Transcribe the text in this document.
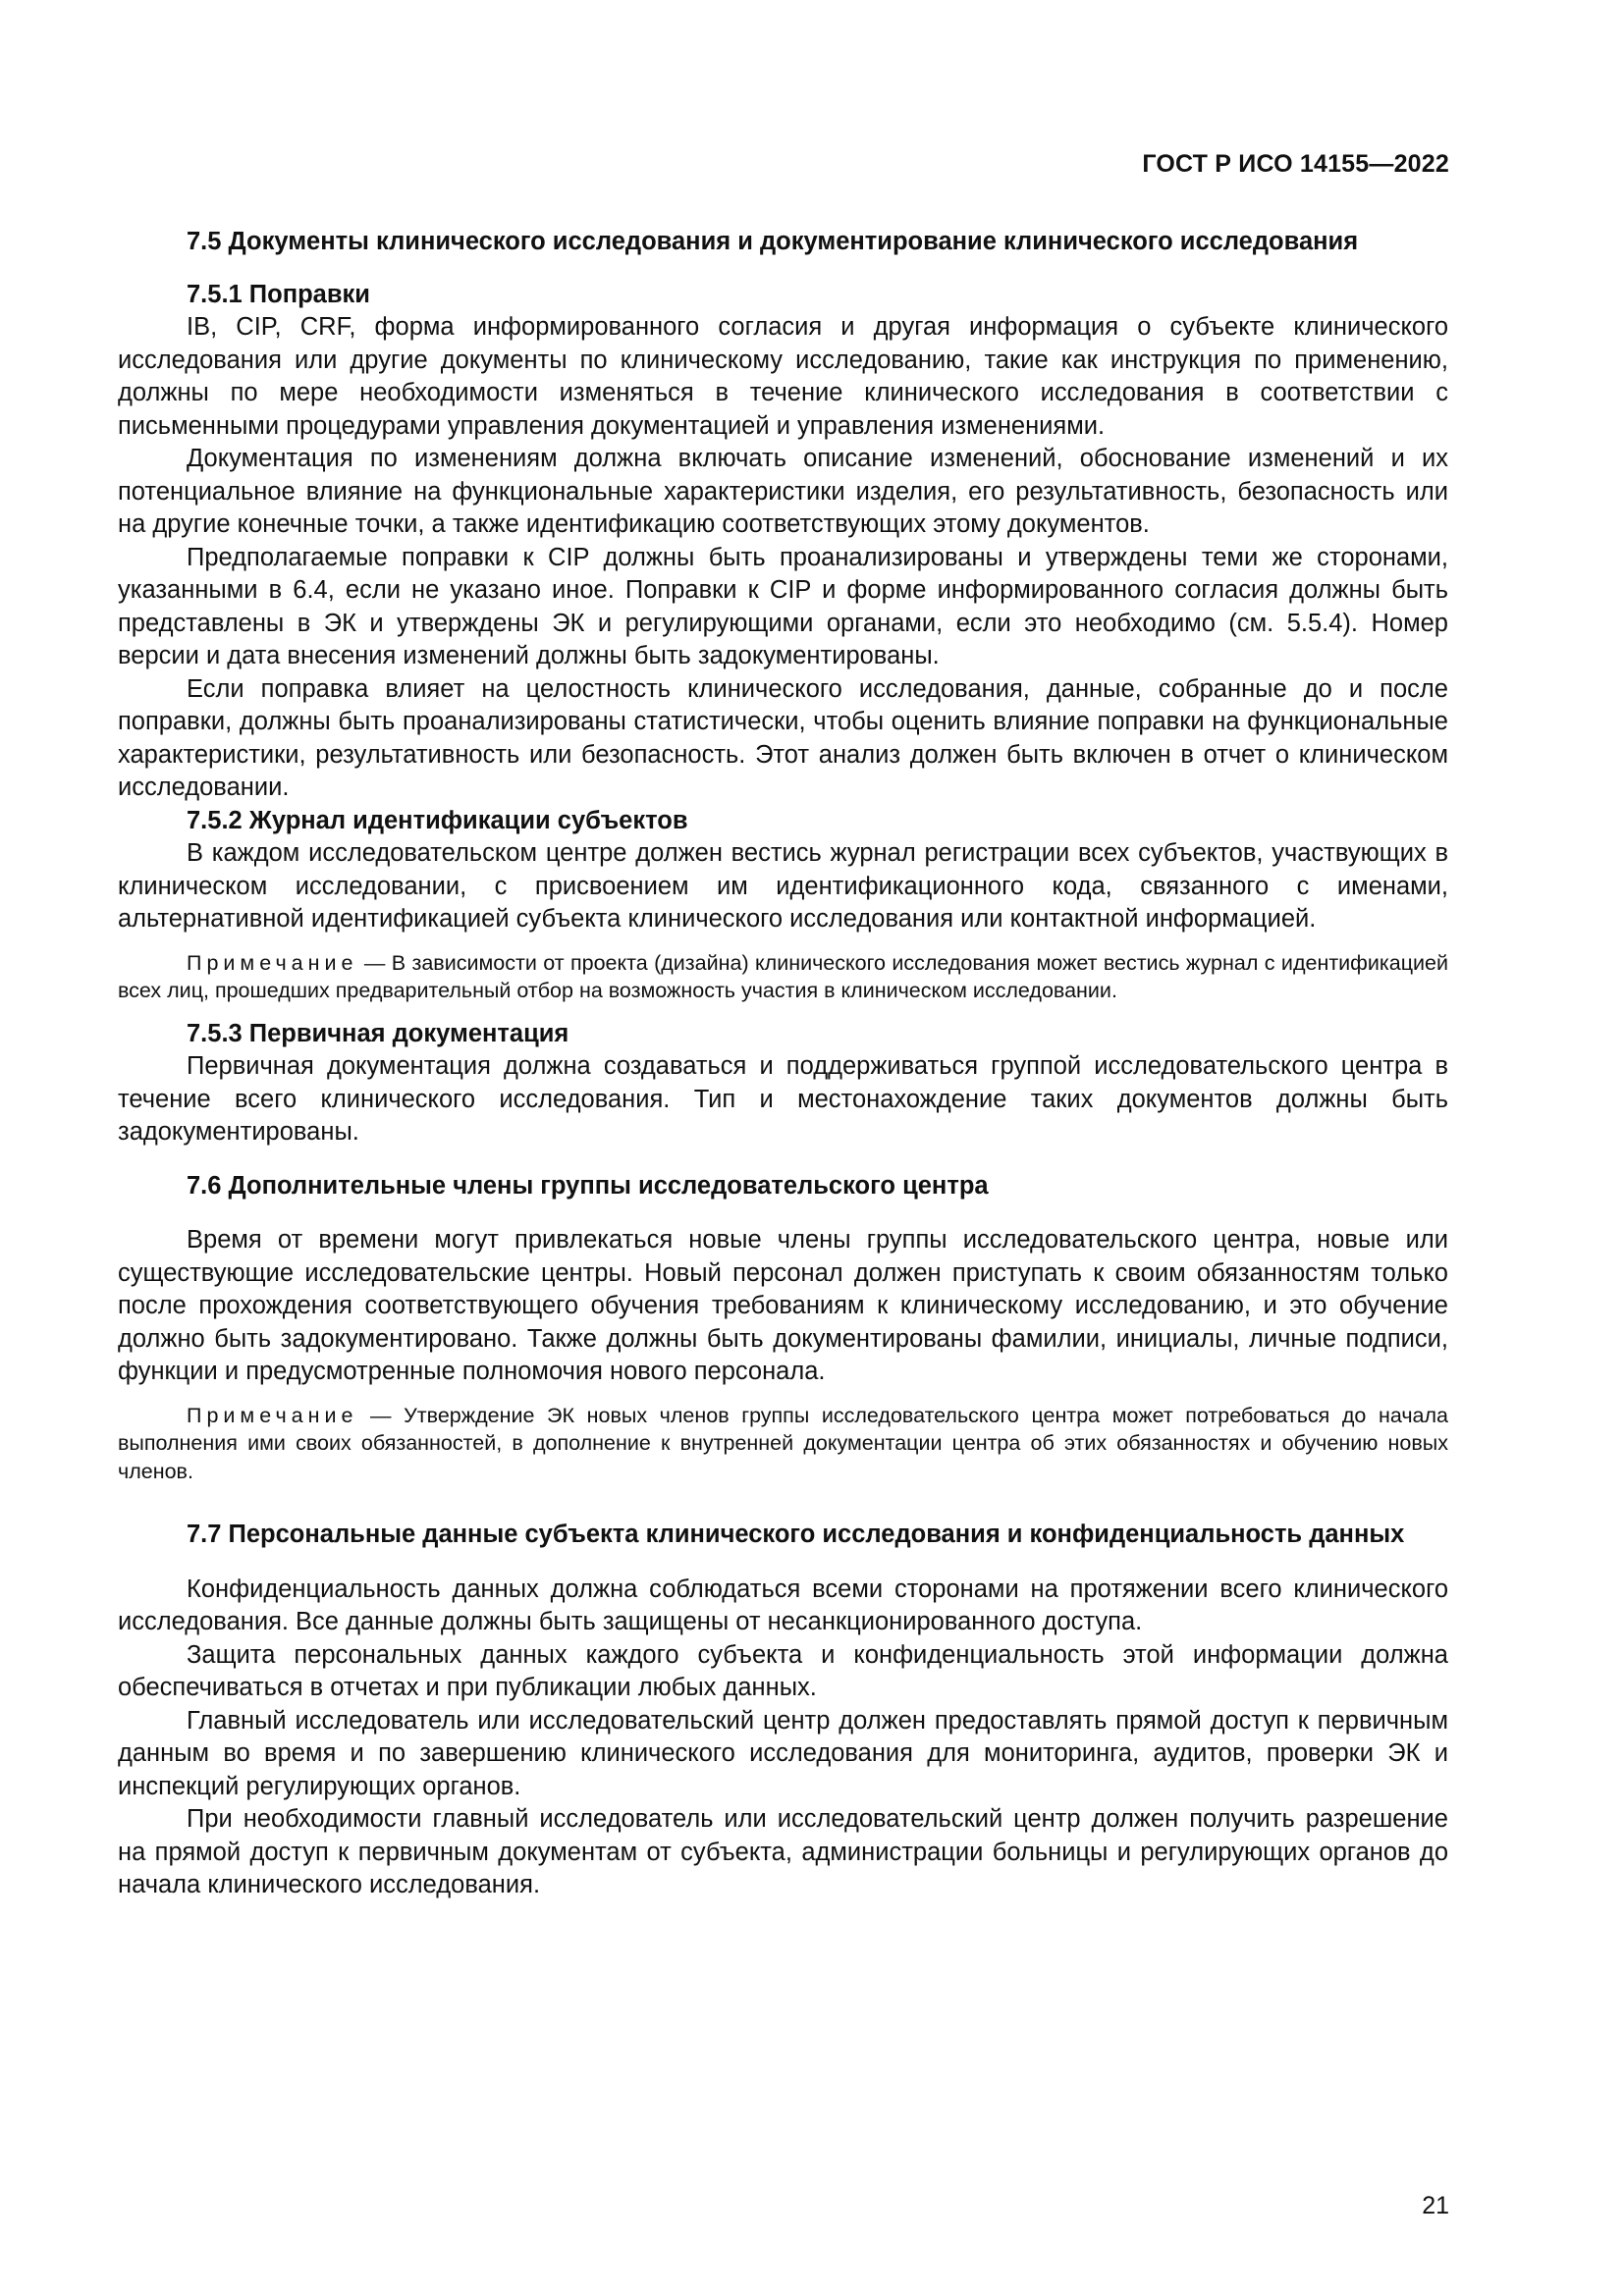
ГОСТ Р ИСО 14155—2022
7.5 Документы клинического исследования и документирование клинического исследования
7.5.1 Поправки

IB, CIP, CRF, форма информированного согласия и другая информация о субъекте клинического исследования или другие документы по клиническому исследованию, такие как инструкция по применению, должны по мере необходимости изменяться в течение клинического исследования в соответствии с письменными процедурами управления документацией и управления изменениями.

Документация по изменениям должна включать описание изменений, обоснование изменений и их потенциальное влияние на функциональные характеристики изделия, его результативность, безопасность или на другие конечные точки, а также идентификацию соответствующих этому документов.

Предполагаемые поправки к CIP должны быть проанализированы и утверждены теми же сторонами, указанными в 6.4, если не указано иное. Поправки к CIP и форме информированного согласия должны быть представлены в ЭК и утверждены ЭК и регулирующими органами, если это необходимо (см. 5.5.4). Номер версии и дата внесения изменений должны быть задокументированы.

Если поправка влияет на целостность клинического исследования, данные, собранные до и после поправки, должны быть проанализированы статистически, чтобы оценить влияние поправки на функциональные характеристики, результативность или безопасность. Этот анализ должен быть включен в отчет о клиническом исследовании.

7.5.2 Журнал идентификации субъектов

В каждом исследовательском центре должен вестись журнал регистрации всех субъектов, участвующих в клиническом исследовании, с присвоением им идентификационного кода, связанного с именами, альтернативной идентификацией субъекта клинического исследования или контактной информацией.

Примечание — В зависимости от проекта (дизайна) клинического исследования может вестись журнал с идентификацией всех лиц, прошедших предварительный отбор на возможность участия в клиническом исследовании.

7.5.3 Первичная документация

Первичная документация должна создаваться и поддерживаться группой исследовательского центра в течение всего клинического исследования. Тип и местонахождение таких документов должны быть задокументированы.

7.6 Дополнительные члены группы исследовательского центра

Время от времени могут привлекаться новые члены группы исследовательского центра, новые или существующие исследовательские центры. Новый персонал должен приступать к своим обязанностям только после прохождения соответствующего обучения требованиям к клиническому исследованию, и это обучение должно быть задокументировано. Также должны быть документированы фамилии, инициалы, личные подписи, функции и предусмотренные полномочия нового персонала.

Примечание — Утверждение ЭК новых членов группы исследовательского центра может потребоваться до начала выполнения ими своих обязанностей, в дополнение к внутренней документации центра об этих обязанностях и обучению новых членов.

7.7 Персональные данные субъекта клинического исследования и конфиденциальность данных

Конфиденциальность данных должна соблюдаться всеми сторонами на протяжении всего клинического исследования. Все данные должны быть защищены от несанкционированного доступа.

Защита персональных данных каждого субъекта и конфиденциальность этой информации должна обеспечиваться в отчетах и при публикации любых данных.

Главный исследователь или исследовательский центр должен предоставлять прямой доступ к первичным данным во время и по завершению клинического исследования для мониторинга, аудитов, проверки ЭК и инспекций регулирующих органов.

При необходимости главный исследователь или исследовательский центр должен получить разрешение на прямой доступ к первичным документам от субъекта, администрации больницы и регулирующих органов до начала клинического исследования.

21
